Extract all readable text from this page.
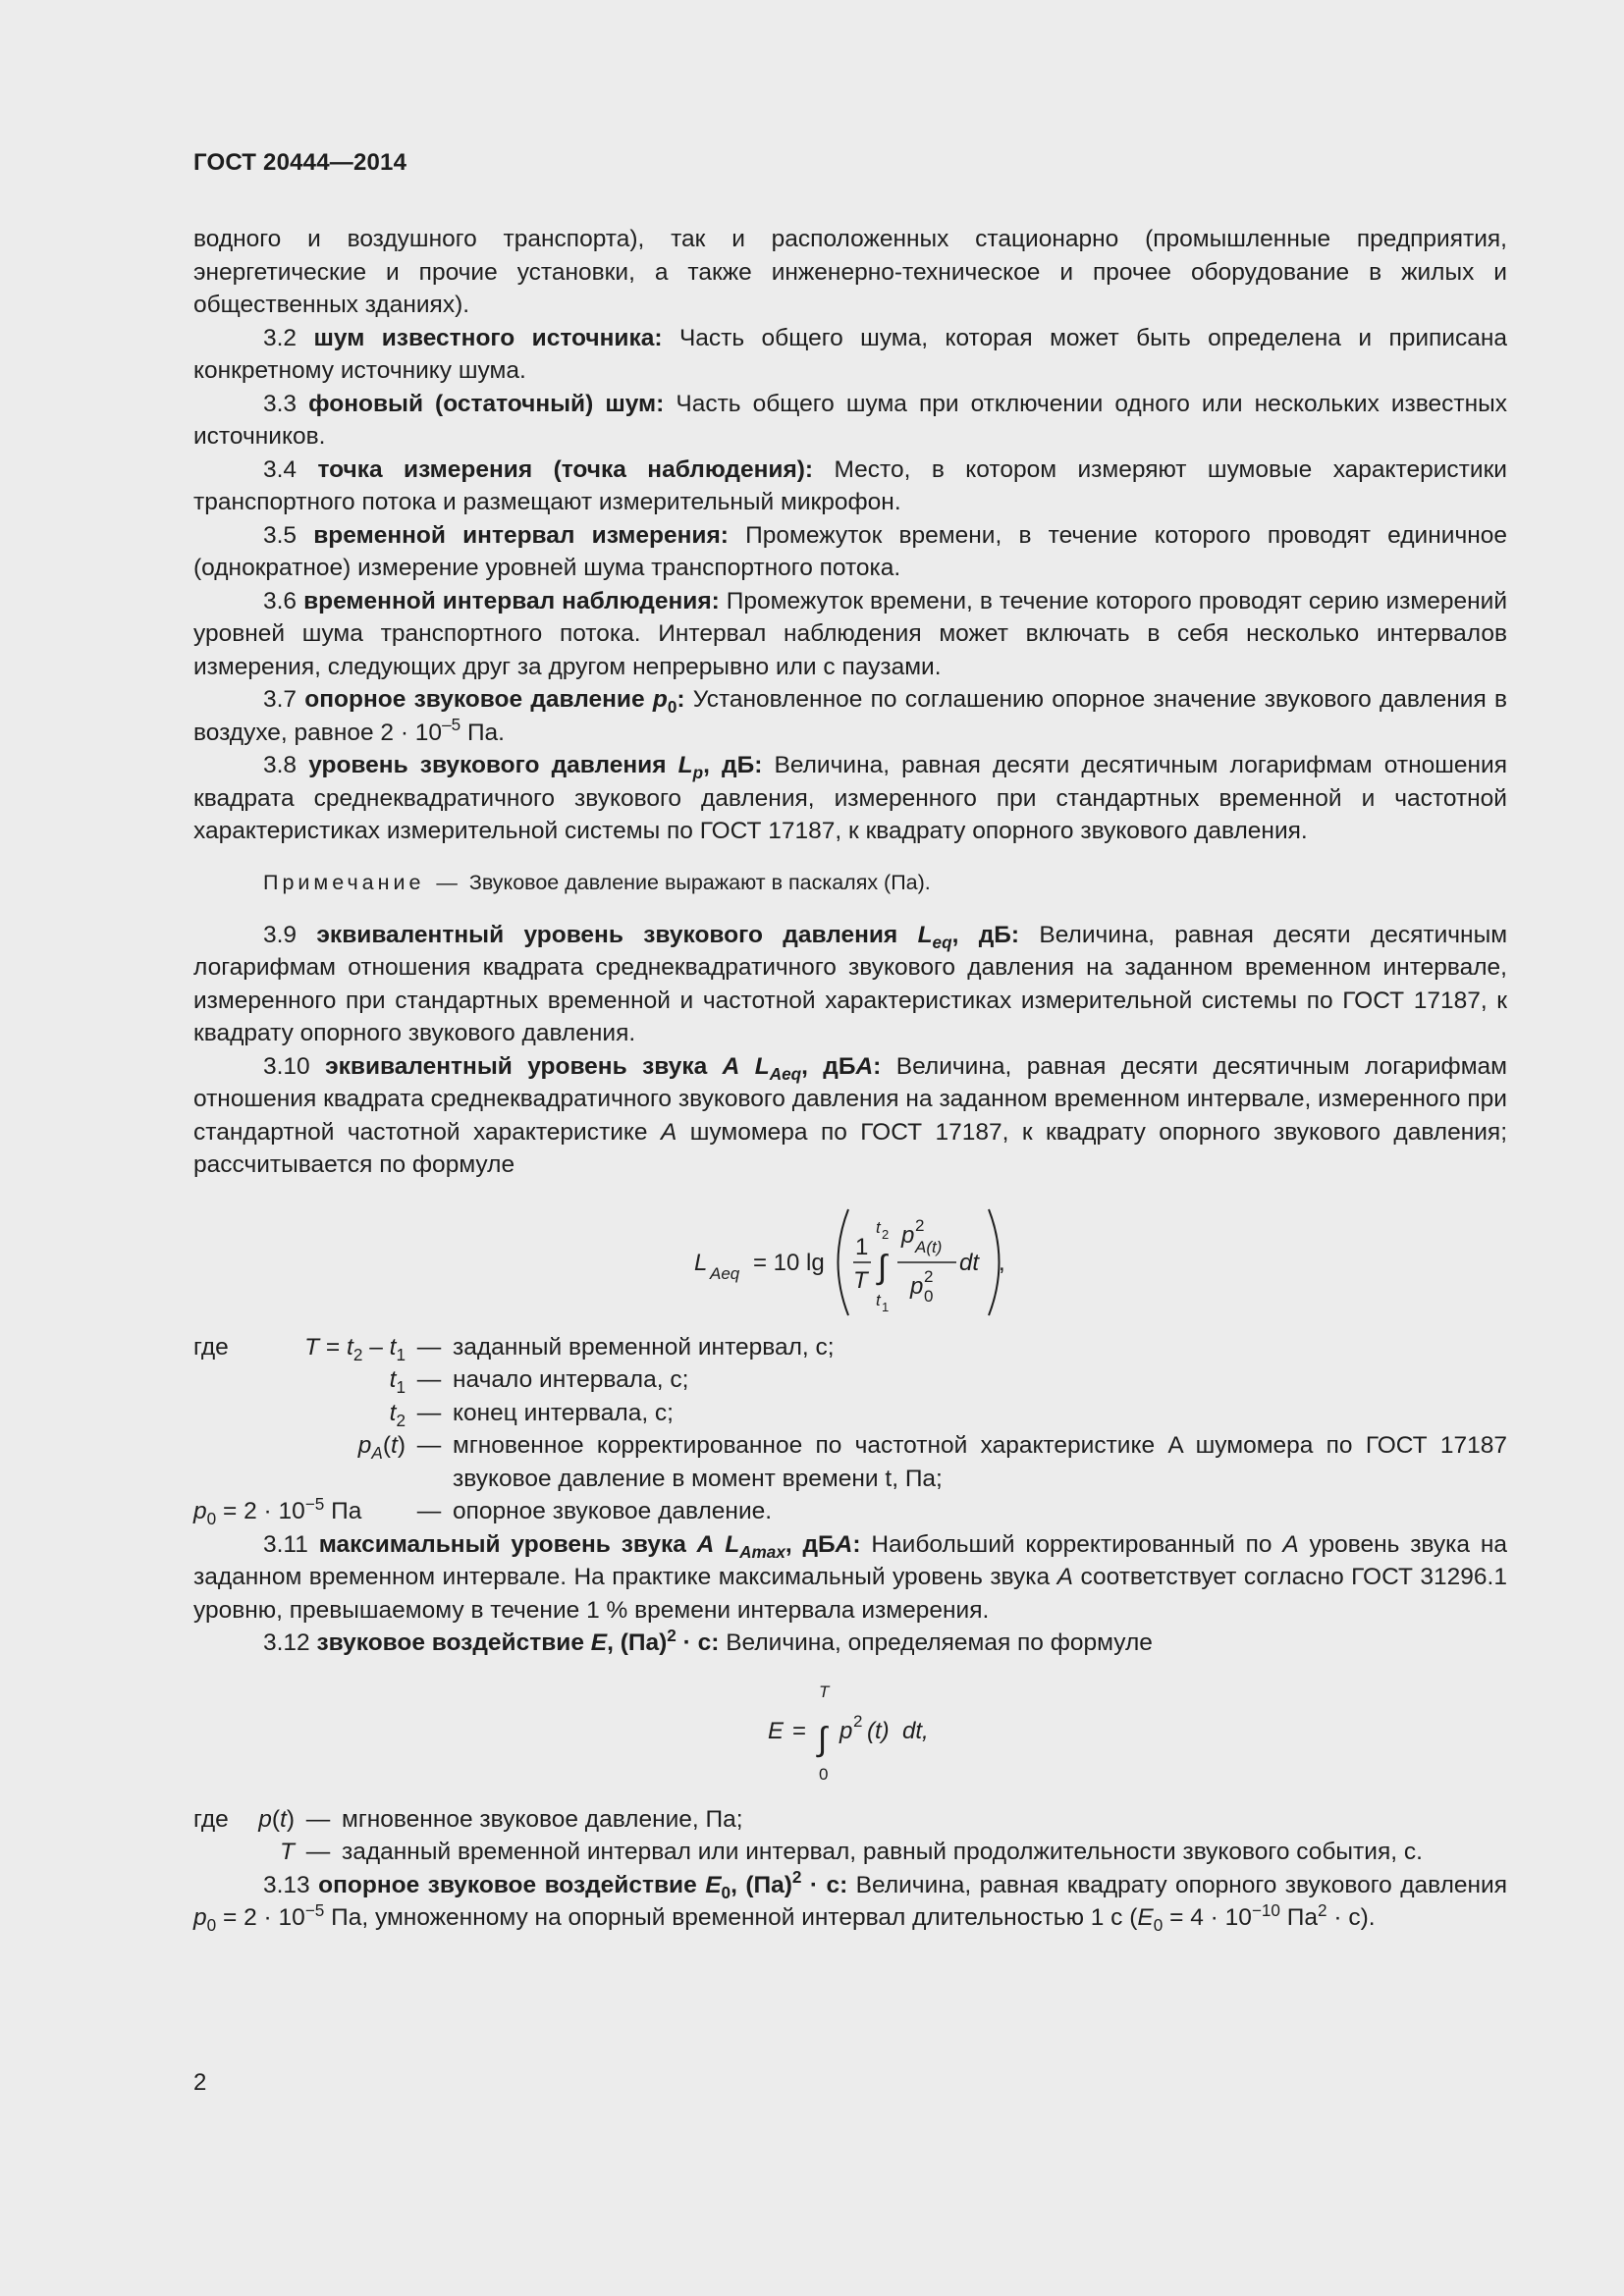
ГОСТ 20444—2014

водного и воздушного транспорта), так и расположенных стационарно (промышленные предприятия, энергетические и прочие установки, а также инженерно-техническое и прочее оборудование в жилых и общественных зданиях).

3.2 шум известного источника: Часть общего шума, которая может быть определена и приписана конкретному источнику шума.

3.3 фоновый (остаточный) шум: Часть общего шума при отключении одного или нескольких известных источников.

3.4 точка измерения (точка наблюдения): Место, в котором измеряют шумовые характеристики транспортного потока и размещают измерительный микрофон.

3.5 временной интервал измерения: Промежуток времени, в течение которого проводят единичное (однократное) измерение уровней шума транспортного потока.

3.6 временной интервал наблюдения: Промежуток времени, в течение которого проводят серию измерений уровней шума транспортного потока. Интервал наблюдения может включать в себя несколько интервалов измерения, следующих друг за другом непрерывно или с паузами.

3.7 опорное звуковое давление $p_0$: Установленное по соглашению опорное значение звукового давления в воздухе, равное $2 \cdot 10^{-5}$ Па.

3.8 уровень звукового давления $L_p$, дБ: Величина, равная десяти десятичным логарифмам отношения квадрата среднеквадратичного звукового давления, измеренного при стандартных временной и частотной характеристиках измерительной системы по ГОСТ 17187, к квадрату опорного звукового давления.

Примечание — Звуковое давление выражают в паскалях (Па).

3.9 эквивалентный уровень звукового давления $L_{eq}$, дБ: Величина, равная десяти десятичным логарифмам отношения квадрата среднеквадратичного звукового давления на заданном временном интервале, измеренного при стандартных временной и частотной характеристиках измерительной системы по ГОСТ 17187, к квадрату опорного звукового давления.

3.10 эквивалентный уровень звука A $L_{Aeq}$, дБA: Величина, равная десяти десятичным логарифмам отношения квадрата среднеквадратичного звукового давления на заданном временном интервале, измеренного при стандартной частотной характеристике A шумомера по ГОСТ 17187, к квадрату опорного звукового давления; рассчитывается по формуле

L Aeq = 10 lg
1
T
t 2
∫
t 1
p 2
A(t)
p 2
0
dt ,
где	$T = t_2 - t_1$ — заданный временной интервал, с;
$t_1$ — начало интервала, с;
$t_2$ — конец интервала, с;
$p_A(t)$ — мгновенное корректированное по частотной характеристике A шумомера по ГОСТ 17187 звуковое давление в момент времени t, Па;
$p_0 = 2 \cdot 10^{-5}$ Па	— опорное звуковое давление.

3.11 максимальный уровень звука A $L_{Amax}$, дБA: Наибольший корректированный по A уровень звука на заданном временном интервале. На практике максимальный уровень звука A соответствует согласно ГОСТ 31296.1 уровню, превышаемому в течение 1 % времени интервала измерения.

3.12 звуковое воздействие E, (Па)$^2$ · с: Величина, определяемая по формуле

E =
T
∫
0
p 2 (t) dt,
где	p(t) — мгновенное звуковое давление, Па;
T — заданный временной интервал или интервал, равный продолжительности звукового события, с.

3.13 опорное звуковое воздействие $E_0$, (Па)$^2$ · с: Величина, равная квадрату опорного звукового давления $p_0 = 2 \cdot 10^{-5}$ Па, умноженному на опорный временной интервал длительностью 1 с ($E_0 = 4 \cdot 10^{-10}$ $Па^2 \cdot с$).

2
